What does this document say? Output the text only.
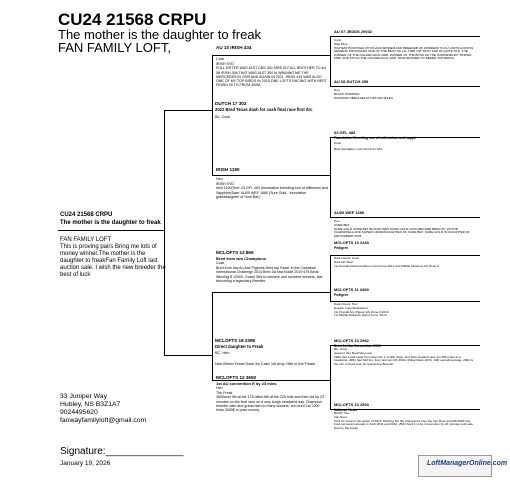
CU24 21568 CRPU
The mother is the daughter to freak
FAN FAMILY LOFT,
CU24 21568 CRPU
The mother is the daughter to freak
FAN FAMILY LOFT
This is proving pairs Bring me lots of money winner.The mother is the daughter to freakFan Family Loft last auction sale. I wish the new breeder the best of luck
33 Juniper Way
Hubley, NS B3Z1A7
9024495620
fanwayfamilyloft@gmail.com
Signature:______________
January 19, 2026
DUTCH 17 302
2022 Bred Texas dash for cash final race first drc
Bc, Cock
MCLOFTS 18 2395
Direct daughter to Freak
BC, Hen
Nick Breed Texas Dash for Cash 1th drop 16th in the Finals.
AU 10 IRISH 434
Cock
IRISH SYD
FULL SISTER WAS 61ST CBS 300 SIRE IS FULL BROTHER TO AU 08 IRISH 306 THAT WAS 61ST 300 M WINNING ME THE MERCEDES IN 2009 AND AGAIN IN 2011. IRISH 434 WAS ALSO ONE OF MY TOP BIRDS IN 2010 ONE LOFTS RACING WITH BEST FINISH 16 TH FROM 300M.
IRISH 1190
Hen
IRISH SYD
Irish 1190(Sire: 03 GFL 483 (foundation breeding son of Millenium and Sapphire(Dam: AU05 WEF 1680 (Sure Gold - foundation granddaughter of Sure Bet)
MCLOFTS 13 865
Bred from two Champions
Cock
Bred from tow Au Ace Pigeons Bred top Racer in the Canadian International Challenge 2014 Bred 1st fast Eddie 2019 475 Birds Winning $ 10000. Grand Sire to winners and combine winners, fast becoming a legendary Breeder.
MCLOFTS 12 3650
1st AU convention E by 23 mins
Hen
The Freak
3650won 4th at the 175 miles,8th at the 225 mile and then hid by 23 minutes on the final race on a very tough headwind day. Champion breeder dam and grand dam to many winners. son bred 1st 2200 birds 3000$ in prize money.
AU 07 JEDDS 29032
Cock
Was Mine
HIGHEST BOOSTER-4TH PLACE WINNER AND BREEDER OF WINNERS TO AU LIMITS ACROSS SEVERAL PROVINCES ONE OF THE BEST OF ALL TIME 1ST SPOT SAD 06 QUITE OLD. THE WINNER OF THE GOLDEN EGG 2008. WINNER OF THE BOSS OF THE HAWKESBURY SPRING 2009. AND 5TH IN THE GOLDEN EGG 2009. NOW RETIRED TO BREED TOP BIRDS.
AU 08 DUTCH 459
Hen
BLACK DIAMOND
DIAMOND NEBULAE1ST CBS 300 MILES
03 GFL 483
Foundation Breeding son of millennium and sapph
Cock
Best foundation cock bird from GFL
AU05 WEF 1680
Hen
SURE BET
SURE GOLD SURE BET BLOODLINES SURE GOLD AU03 WEF1680 BRED BY VICTOR VALENZUELA AND SUPER GRANDDAUGHTER OF SURE BET. SURE GOLD IS DAUGHTER OF MR HAMMER 0078.
MCLOFTS 10 2433
Pedigree
Dark Check, Cock
Dad Van Reet
1st Overall Distance Racer Concourse 2012 2nd Middle Distance AU Zone 6
MCLOFTS 11 3499
Pedigree
Dark Check, Hen
Dragon Imperial/Gassert
1st Overall Ace Pigeon AU Zone 6 2013.
1st Middle Distance Racer Conv. 2013.
MCLOFTS 10 2962
Bred 1st Au Convention 2012
BC, Cock
Gassert Van Reet/Van Loon
2962 had a half sister from dam win 1 st 200 miles, 2nd New england race 1st 350 miles to a headwind. 2962 had half bro, from sire win 6th 300mi Dollar Race 2013, 14th overall Average. 2962 is the sire to freak and 1st Iperial Ace Breeder
MCLOFTS 10 2503
National News
BC/W, Hen
Van Reet
bred for stock in the winter of 2010. Nothing but the champions from the van Reet and M0.2603 has bred top racers already in both 2011 and 2012. 2503 bred 1 st Au Convention by 23 minutes sold sale. Dam to the Freak
LoftManagerOnline.com
